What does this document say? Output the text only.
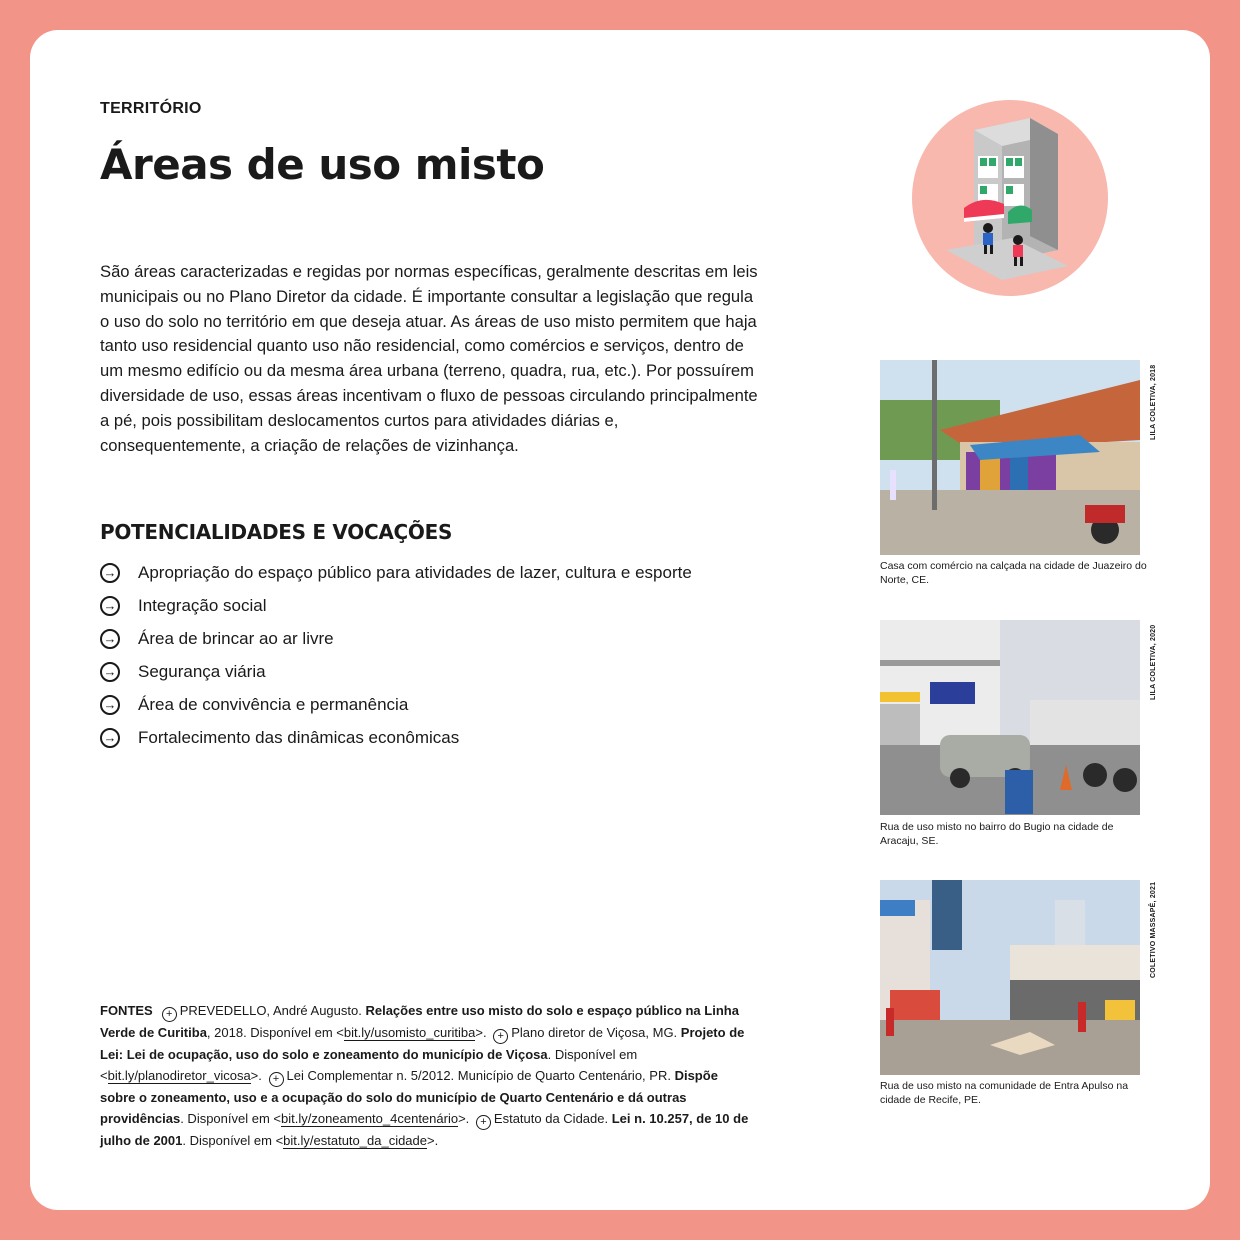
TERRITÓRIO
Áreas de uso misto
São áreas caracterizadas e regidas por normas específicas, geralmente descritas em leis municipais ou no Plano Diretor da cidade. É importante consultar a legislação que regula o uso do solo no território em que deseja atuar. As áreas de uso misto permitem que haja tanto uso residencial quanto uso não residencial, como comércios e serviços, dentro de um mesmo edifício ou da mesma área urbana (terreno, quadra, rua, etc.). Por possuírem diversidade de uso, essas áreas incentivam o fluxo de pessoas circulando principalmente a pé, pois possibilitam deslocamentos curtos para atividades diárias e, consequentemente, a criação de relações de vizinhança.
POTENCIALIDADES E VOCAÇÕES
→ Apropriação do espaço público para atividades de lazer, cultura e esporte
→ Integração social
→ Área de brincar ao ar livre
→ Segurança viária
→ Área de convivência e permanência
→ Fortalecimento das dinâmicas econômicas
FONTES + PREVEDELLO, André Augusto. Relações entre uso misto do solo e espaço público na Linha Verde de Curitiba, 2018. Disponível em <bit.ly/usomisto_curitiba>. + Plano diretor de Viçosa, MG. Projeto de Lei: Lei de ocupação, uso do solo e zoneamento do município de Viçosa. Disponível em <bit.ly/planodiretor_vicosa>. + Lei Complementar n. 5/2012. Município de Quarto Centenário, PR. Dispõe sobre o zoneamento, uso e a ocupação do solo do município de Quarto Centenário e dá outras providências. Disponível em <bit.ly/zoneamento_4centenário>. + Estatuto da Cidade. Lei n. 10.257, de 10 de julho de 2001. Disponível em <bit.ly/estatuto_da_cidade>.
Casa com comércio na calçada na cidade de Juazeiro do Norte, CE.
LILA COLETIVA, 2018
Rua de uso misto no bairro do Bugio na cidade de Aracaju, SE.
LILA COLETIVA, 2020
Rua de uso misto na comunidade de Entra Apulso na cidade de Recife, PE.
COLETIVO MASSAPÊ, 2021
